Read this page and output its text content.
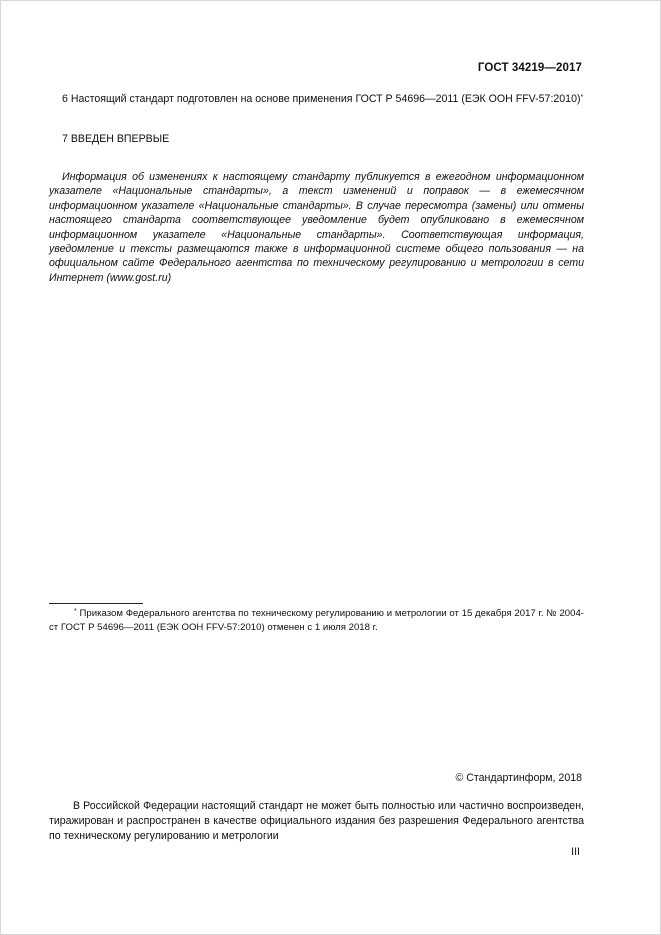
ГОСТ 34219—2017

6 Настоящий стандарт подготовлен на основе применения ГОСТ Р 54696—2011 (ЕЭК ООН FFV-57:2010)*

7 ВВЕДЕН ВПЕРВЫЕ

Информация об изменениях к настоящему стандарту публикуется в ежегодном информационном указателе «Национальные стандарты», а текст изменений и поправок — в ежемесячном информационном указателе «Национальные стандарты». В случае пересмотра (замены) или отмены настоящего стандарта соответствующее уведомление будет опубликовано в ежемесячном информационном указателе «Национальные стандарты». Соответствующая информация, уведомление и тексты размещаются также в информационной системе общего пользования — на официальном сайте Федерального агентства по техническому регулированию и метрологии в сети Интернет (www.gost.ru)

* Приказом Федерального агентства по техническому регулированию и метрологии от 15 декабря 2017 г. № 2004-ст ГОСТ Р 54696—2011 (ЕЭК ООН FFV-57:2010) отменен с 1 июля 2018 г.

© Стандартинформ, 2018

В Российской Федерации настоящий стандарт не может быть полностью или частично воспроизведен, тиражирован и распространен в качестве официального издания без разрешения Федерального агентства по техническому регулированию и метрологии

III
